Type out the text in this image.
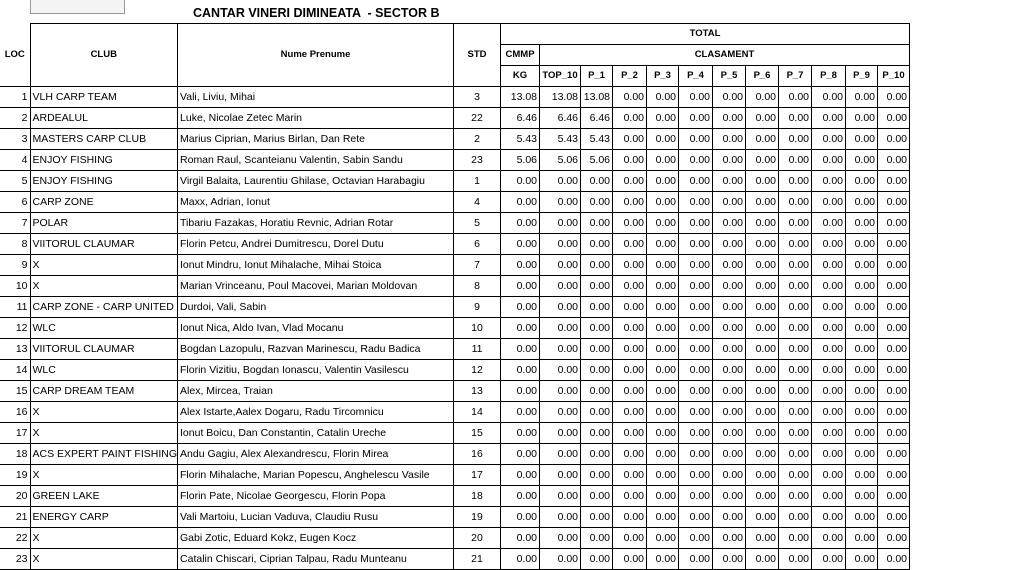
CANTAR VINERI DIMINEATA  - SECTOR B
LOC	CLUB	Nume Prenume	STD	TOTAL											
				CMMP	CLASAMENT										
				KG	TOP_10	P_1	P_2	P_3	P_4	P_5	P_6	P_7	P_8	P_9	P_10
1	VLH CARP TEAM	Vali, Liviu, Mihai	3	13.08	13.08	13.08	0.00	0.00	0.00	0.00	0.00	0.00	0.00	0.00	0.00
2	ARDEALUL	Luke, Nicolae Zetec Marin	22	6.46	6.46	6.46	0.00	0.00	0.00	0.00	0.00	0.00	0.00	0.00	0.00
3	MASTERS CARP CLUB	Marius Ciprian, Marius Birlan, Dan Rete	2	5.43	5.43	5.43	0.00	0.00	0.00	0.00	0.00	0.00	0.00	0.00	0.00
4	ENJOY FISHING	Roman Raul, Scanteianu Valentin, Sabin Sandu	23	5.06	5.06	5.06	0.00	0.00	0.00	0.00	0.00	0.00	0.00	0.00	0.00
5	ENJOY FISHING	Virgil Balaita, Laurentiu Ghilase, Octavian Harabagiu	1	0.00	0.00	0.00	0.00	0.00	0.00	0.00	0.00	0.00	0.00	0.00	0.00
6	CARP ZONE	Maxx, Adrian, Ionut	4	0.00	0.00	0.00	0.00	0.00	0.00	0.00	0.00	0.00	0.00	0.00	0.00
7	POLAR	Tibariu Fazakas, Horatiu Revnic, Adrian Rotar	5	0.00	0.00	0.00	0.00	0.00	0.00	0.00	0.00	0.00	0.00	0.00	0.00
8	VIITORUL CLAUMAR	Florin Petcu, Andrei Dumitrescu, Dorel Dutu	6	0.00	0.00	0.00	0.00	0.00	0.00	0.00	0.00	0.00	0.00	0.00	0.00
9	X	Ionut Mindru, Ionut Mihalache, Mihai Stoica	7	0.00	0.00	0.00	0.00	0.00	0.00	0.00	0.00	0.00	0.00	0.00	0.00
10	X	Marian Vrinceanu, Poul Macovei, Marian Moldovan	8	0.00	0.00	0.00	0.00	0.00	0.00	0.00	0.00	0.00	0.00	0.00	0.00
11	CARP ZONE - CARP UNITED	Durdoi, Vali, Sabin	9	0.00	0.00	0.00	0.00	0.00	0.00	0.00	0.00	0.00	0.00	0.00	0.00
12	WLC	Ionut Nica, Aldo Ivan, Vlad Mocanu	10	0.00	0.00	0.00	0.00	0.00	0.00	0.00	0.00	0.00	0.00	0.00	0.00
13	VIITORUL CLAUMAR	Bogdan Lazopulu, Razvan Marinescu, Radu Badica	11	0.00	0.00	0.00	0.00	0.00	0.00	0.00	0.00	0.00	0.00	0.00	0.00
14	WLC	Florin Vizitiu, Bogdan Ionascu, Valentin Vasilescu	12	0.00	0.00	0.00	0.00	0.00	0.00	0.00	0.00	0.00	0.00	0.00	0.00
15	CARP DREAM TEAM	Alex, Mircea, Traian	13	0.00	0.00	0.00	0.00	0.00	0.00	0.00	0.00	0.00	0.00	0.00	0.00
16	X	Alex Istarte,Aalex Dogaru, Radu Tircomnicu	14	0.00	0.00	0.00	0.00	0.00	0.00	0.00	0.00	0.00	0.00	0.00	0.00
17	X	Ionut Boicu, Dan Constantin, Catalin Ureche	15	0.00	0.00	0.00	0.00	0.00	0.00	0.00	0.00	0.00	0.00	0.00	0.00
18	ACS EXPERT PAINT FISHING	Andu Gagiu, Alex Alexandrescu, Florin Mirea	16	0.00	0.00	0.00	0.00	0.00	0.00	0.00	0.00	0.00	0.00	0.00	0.00
19	X	Florin Mihalache, Marian Popescu, Anghelescu Vasile	17	0.00	0.00	0.00	0.00	0.00	0.00	0.00	0.00	0.00	0.00	0.00	0.00
20	GREEN LAKE	Florin Pate, Nicolae Georgescu, Florin Popa	18	0.00	0.00	0.00	0.00	0.00	0.00	0.00	0.00	0.00	0.00	0.00	0.00
21	ENERGY CARP	Vali Martoiu, Lucian Vaduva, Claudiu Rusu	19	0.00	0.00	0.00	0.00	0.00	0.00	0.00	0.00	0.00	0.00	0.00	0.00
22	X	Gabi Zotic, Eduard Kokz, Eugen Kocz	20	0.00	0.00	0.00	0.00	0.00	0.00	0.00	0.00	0.00	0.00	0.00	0.00
23	X	Catalin Chiscari, Ciprian Talpau, Radu Munteanu	21	0.00	0.00	0.00	0.00	0.00	0.00	0.00	0.00	0.00	0.00	0.00	0.00
